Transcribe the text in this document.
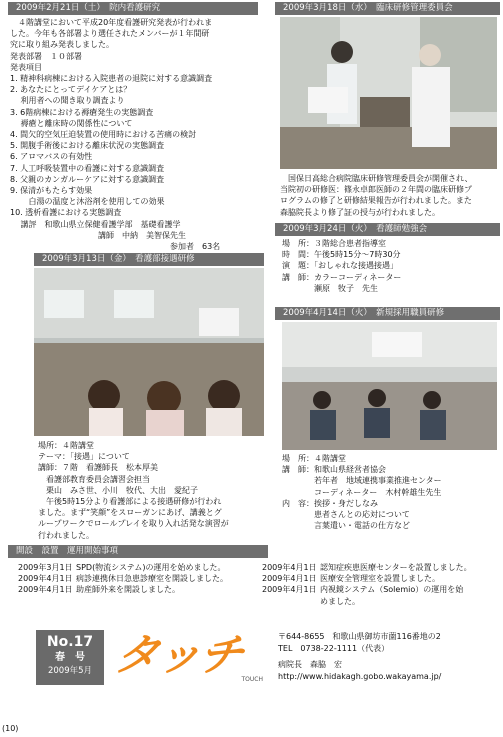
2009年2月21日（土）　院内看護研究
　４階講堂において平成20年度看護研究発表が行われま
した。今年も各部署より選任されたメンバーが１年間研
究に取り組み発表しました。
発表部署　１０部署
発表項目
1. 精神科病棟における入院患者の退院に対する意識調査
2. あなたにとってデイケアとは？
　 利用者への聞き取り調査より
3. 6階病棟における褥瘡発生の実態調査
　 褥瘡と離床時の関係性について
4. 間欠的空気圧迫装置の使用時における苦痛の検討
5. 開腹手術後における離床状況の実態調査
6. アロマバスの有効性
7. 人工呼吸装置中の看護に対する意識調査
8. 父親のカンガルーケアに対する意識調査
9. 保清がもたらす効果
　　 白湯の温度と沐浴剤を使用しての効果
10. 透析看護における実態調査
　 講評　和歌山県立保健看護学部　基礎看護学
　　　　　　　　　　　講師　中納　美智保先生
　　　　　　　　　　　　　　　　　　　　参加者　63名
2009年3月18日（水）　臨床研修管理委員会
　国保日高総合病院臨床研修管理委員会が開催され、
当院初の研修医：篠永卓郎医師の２年間の臨床研修プ
ログラムの修了と研修結果報告が行われました。また
森脇院長より修了証の授与が行われました。
2009年3月24日（火）　看護師勉強会
場　所：３階総合患者指導室
時　間：午後5時15分～7時30分
演　題：「おしゃれな接遇接遇」
講　師：カラーコーディネーター
　　　　瀬原　牧子　先生
2009年3月13日（金）　看護部接遇研修
場所：４階講堂
テーマ：「接遇」について
講師：７階　看護師長　松本厚美
　看護部教育委員会講習会担当
　栗山　みさ世、小川　牧代、大出　愛紀子
　午後5時15分より看護部による接遇研修が行われ
ました。まず“笑顔”をスローガンにあげ、講義とグ
ループワークでロールプレイを取り入れ活発な演習が
行われました。
2009年4月14日（火）　新規採用職員研修
場　所：４階講堂
講　師：和歌山県経営者協会
　　　　若年者　地域連携事業推進センター
　　　　コーディネーター　木村幹雄生先生
内　容：挨拶・身だしなみ
　　　　患者さんとの応対について
　　　　言葉遣い・電話の仕方など
開設　設置　運用開始事項
2009年3月1日 SPD(物流システム)の運用を始めました。
2009年4月1日 病診連携休日急患診療室を開設しました。
2009年4月1日 助産師外来を開設しました。
2009年4月1日 認知症疾患医療センターを設置しました。
2009年4月1日 医療安全管理室を設置しました。
2009年4月1日 内視鏡システム（Solemio）の運用を始
めました。
No.17
春　号
2009年5月 タッチ
TOUCH
〒644-8655　和歌山県御坊市薗116番地の2
TEL　0738-22-1111（代表）
病院長　森脇　宏
http://www.hidakagh.gobo.wakayama.jp/
(10)
